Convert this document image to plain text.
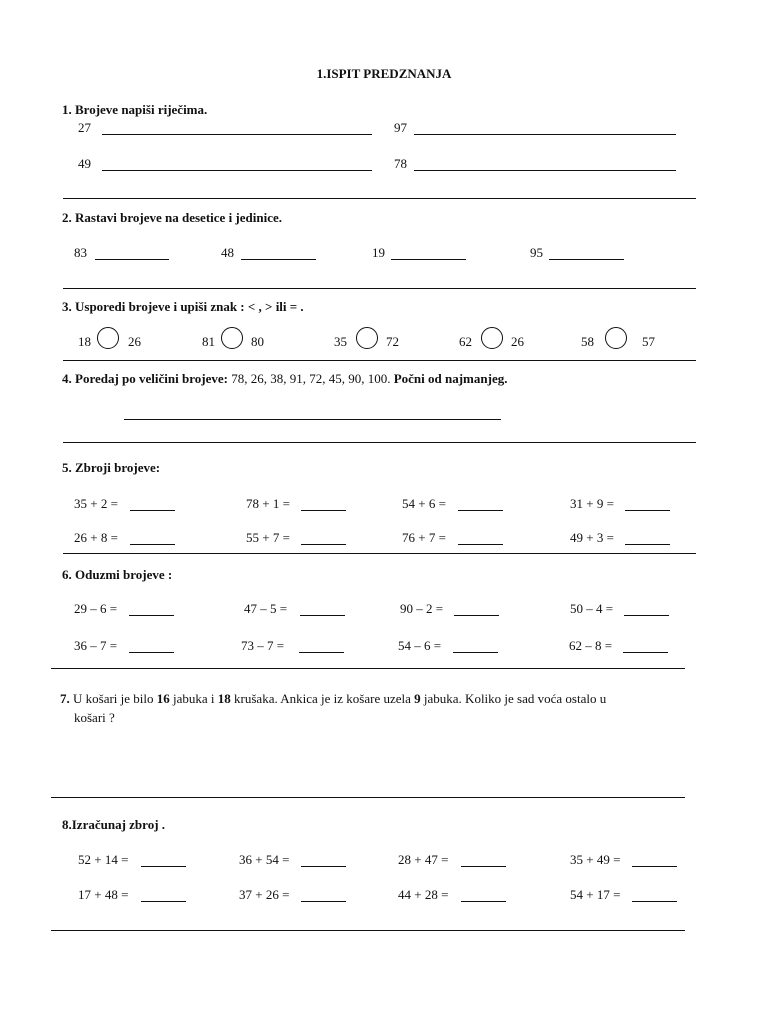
1.ISPIT PREDZNANJA
1. Brojeve napiši riječima.
27	97
49	78
2. Rastavi brojeve na desetice i jedinice.
83	48	19	95
3. Usporedi brojeve i upiši znak : < , > ili = .
18	26	81	80	35	72	62	26	58	57
4. Poredaj po veličini brojeve: 78, 26, 38, 91, 72, 45, 90, 100. Počni od najmanjeg.
5. Zbroji brojeve:
35 + 2 =	78 + 1 =	54 + 6 =	31 + 9 =
26 + 8 =	55 + 7 =	76 + 7 =	49 + 3 =
6. Oduzmi brojeve :
29 – 6 =	47 – 5 =	90 – 2 =	50 – 4 =
36 – 7 =	73 – 7 =	54 – 6 =	62 – 8 =
7. U košari je bilo 16 jabuka i 18 krušaka. Ankica je iz košare uzela 9 jabuka. Koliko je sad voća ostalo u
košari ?
8.Izračunaj zbroj .
52 + 14 =	36 + 54 =	28 + 47 =	35 + 49 =
17 + 48 =	37 + 26 =	44 + 28 =	54 + 17 =
